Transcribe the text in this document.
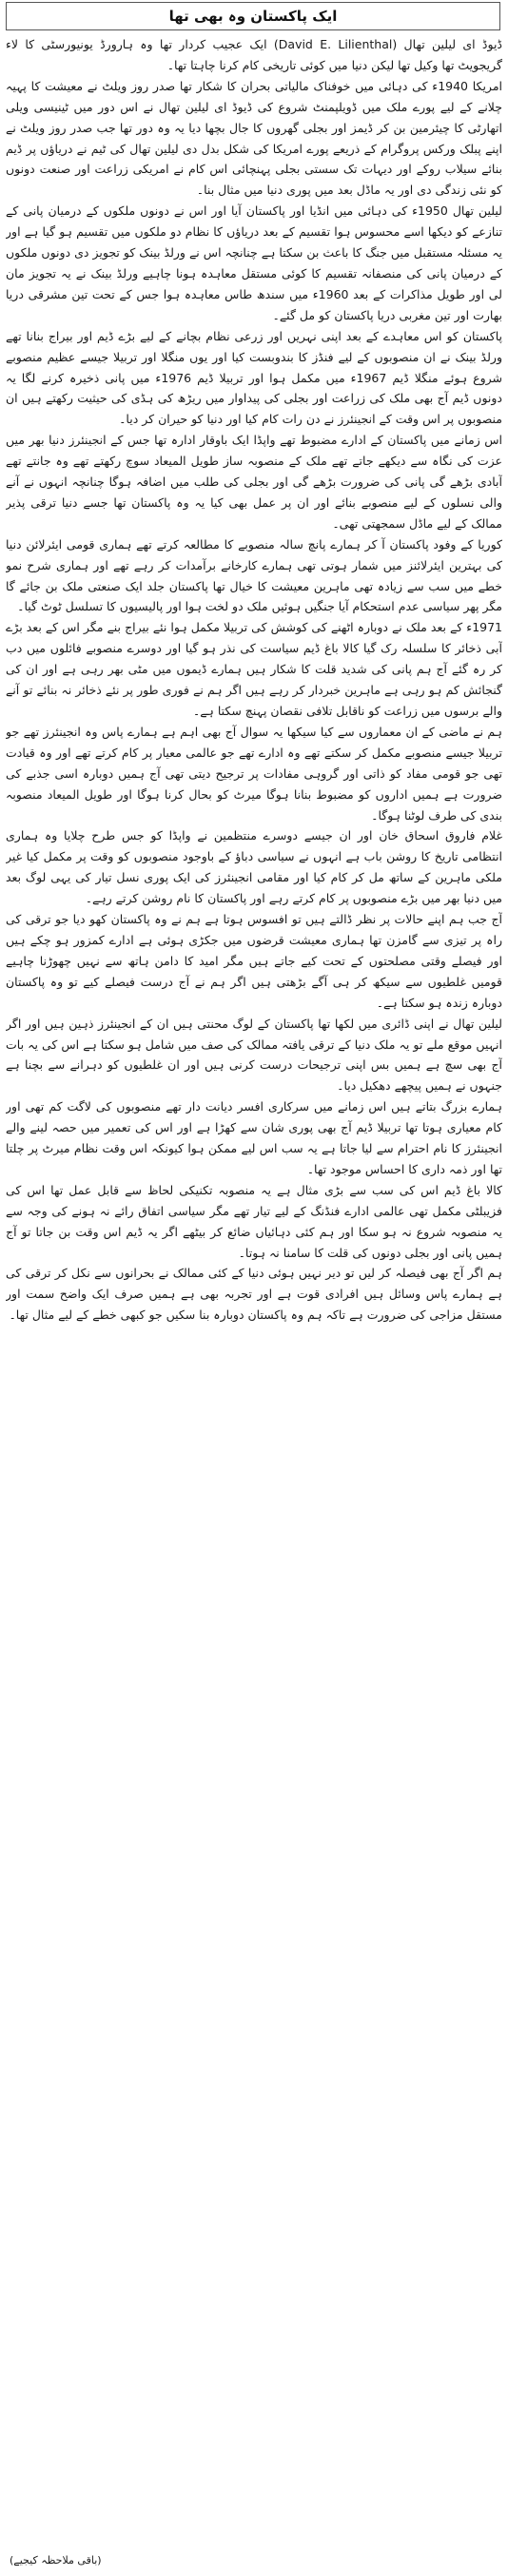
ایک پاکستان وہ بھی تھا

ڈیوڈ ای لیلین تھال (David E. Lilienthal) ایک عجیب کردار تھا وہ ہارورڈ یونیورسٹی کا لاء گریجویٹ تھا وکیل تھا لیکن دنیا میں کوئی تاریخی کام کرنا چاہتا تھا۔

امریکا 1940ء کی دہائی میں خوفناک مالیاتی بحران کا شکار تھا صدر روز ویلٹ نے معیشت کا پہیہ چلانے کے لیے پورے ملک میں ڈویلپمنٹ شروع کی ڈیوڈ ای لیلین تھال نے اس دور میں ٹینیسی ویلی اتھارٹی کا چیئرمین بن کر ڈیمز اور بجلی گھروں کا جال بچھا دیا یہ وہ دور تھا جب صدر روز ویلٹ نے اپنے پبلک ورکس پروگرام کے ذریعے پورے امریکا کی شکل بدل دی لیلین تھال کی ٹیم نے دریاؤں پر ڈیم بنائے سیلاب روکے اور دیہات تک سستی بجلی پہنچائی اس کام نے امریکی زراعت اور صنعت دونوں کو نئی زندگی دی اور یہ ماڈل بعد میں پوری دنیا میں مثال بنا۔

لیلین تھال 1950ء کی دہائی میں انڈیا اور پاکستان آیا اور اس نے دونوں ملکوں کے درمیان پانی کے تنازعے کو دیکھا اسے محسوس ہوا تقسیم کے بعد دریاؤں کا نظام دو ملکوں میں تقسیم ہو گیا ہے اور یہ مسئلہ مستقبل میں جنگ کا باعث بن سکتا ہے چنانچہ اس نے ورلڈ بینک کو تجویز دی دونوں ملکوں کے درمیان پانی کی منصفانہ تقسیم کا کوئی مستقل معاہدہ ہونا چاہیے ورلڈ بینک نے یہ تجویز مان لی اور طویل مذاکرات کے بعد 1960ء میں سندھ طاس معاہدہ ہوا جس کے تحت تین مشرقی دریا بھارت اور تین مغربی دریا پاکستان کو مل گئے۔

پاکستان کو اس معاہدے کے بعد اپنی نہریں اور زرعی نظام بچانے کے لیے بڑے ڈیم اور بیراج بنانا تھے ورلڈ بینک نے ان منصوبوں کے لیے فنڈز کا بندوبست کیا اور یوں منگلا اور تربیلا جیسے عظیم منصوبے شروع ہوئے منگلا ڈیم 1967ء میں مکمل ہوا اور تربیلا ڈیم 1976ء میں پانی ذخیرہ کرنے لگا یہ دونوں ڈیم آج بھی ملک کی زراعت اور بجلی کی پیداوار میں ریڑھ کی ہڈی کی حیثیت رکھتے ہیں ان منصوبوں پر اس وقت کے انجینئرز نے دن رات کام کیا اور دنیا کو حیران کر دیا۔

اس زمانے میں پاکستان کے ادارے مضبوط تھے واپڈا ایک باوقار ادارہ تھا جس کے انجینئرز دنیا بھر میں عزت کی نگاہ سے دیکھے جاتے تھے ملک کے منصوبہ ساز طویل المیعاد سوچ رکھتے تھے وہ جانتے تھے آبادی بڑھے گی پانی کی ضرورت بڑھے گی اور بجلی کی طلب میں اضافہ ہوگا چنانچہ انہوں نے آنے والی نسلوں کے لیے منصوبے بنائے اور ان پر عمل بھی کیا یہ وہ پاکستان تھا جسے دنیا ترقی پذیر ممالک کے لیے ماڈل سمجھتی تھی۔

کوریا کے وفود پاکستان آ کر ہمارے پانچ سالہ منصوبے کا مطالعہ کرتے تھے ہماری قومی ایئرلائن دنیا کی بہترین ایئرلائنز میں شمار ہوتی تھی ہمارے کارخانے برآمدات کر رہے تھے اور ہماری شرح نمو خطے میں سب سے زیادہ تھی ماہرین معیشت کا خیال تھا پاکستان جلد ایک صنعتی ملک بن جائے گا مگر پھر سیاسی عدم استحکام آیا جنگیں ہوئیں ملک دو لخت ہوا اور پالیسیوں کا تسلسل ٹوٹ گیا۔

1971ء کے بعد ملک نے دوبارہ اٹھنے کی کوشش کی تربیلا مکمل ہوا نئے بیراج بنے مگر اس کے بعد بڑے آبی ذخائر کا سلسلہ رک گیا کالا باغ ڈیم سیاست کی نذر ہو گیا اور دوسرے منصوبے فائلوں میں دب کر رہ گئے آج ہم پانی کی شدید قلت کا شکار ہیں ہمارے ڈیموں میں مٹی بھر رہی ہے اور ان کی گنجائش کم ہو رہی ہے ماہرین خبردار کر رہے ہیں اگر ہم نے فوری طور پر نئے ذخائر نہ بنائے تو آنے والے برسوں میں زراعت کو ناقابل تلافی نقصان پہنچ سکتا ہے۔

ہم نے ماضی کے ان معماروں سے کیا سیکھا یہ سوال آج بھی اہم ہے ہمارے پاس وہ انجینئرز تھے جو تربیلا جیسے منصوبے مکمل کر سکتے تھے وہ ادارے تھے جو عالمی معیار پر کام کرتے تھے اور وہ قیادت تھی جو قومی مفاد کو ذاتی اور گروہی مفادات پر ترجیح دیتی تھی آج ہمیں دوبارہ اسی جذبے کی ضرورت ہے ہمیں اداروں کو مضبوط بنانا ہوگا میرٹ کو بحال کرنا ہوگا اور طویل المیعاد منصوبہ بندی کی طرف لوٹنا ہوگا۔

غلام فاروق اسحاق خان اور ان جیسے دوسرے منتظمین نے واپڈا کو جس طرح چلایا وہ ہماری انتظامی تاریخ کا روشن باب ہے انہوں نے سیاسی دباؤ کے باوجود منصوبوں کو وقت پر مکمل کیا غیر ملکی ماہرین کے ساتھ مل کر کام کیا اور مقامی انجینئرز کی ایک پوری نسل تیار کی یہی لوگ بعد میں دنیا بھر میں بڑے منصوبوں پر کام کرتے رہے اور پاکستان کا نام روشن کرتے رہے۔

آج جب ہم اپنے حالات پر نظر ڈالتے ہیں تو افسوس ہوتا ہے ہم نے وہ پاکستان کھو دیا جو ترقی کی راہ پر تیزی سے گامزن تھا ہماری معیشت قرضوں میں جکڑی ہوئی ہے ادارے کمزور ہو چکے ہیں اور فیصلے وقتی مصلحتوں کے تحت کیے جاتے ہیں مگر امید کا دامن ہاتھ سے نہیں چھوڑنا چاہیے قومیں غلطیوں سے سیکھ کر ہی آگے بڑھتی ہیں اگر ہم نے آج درست فیصلے کیے تو وہ پاکستان دوبارہ زندہ ہو سکتا ہے۔

لیلین تھال نے اپنی ڈائری میں لکھا تھا پاکستان کے لوگ محنتی ہیں ان کے انجینئرز ذہین ہیں اور اگر انہیں موقع ملے تو یہ ملک دنیا کے ترقی یافتہ ممالک کی صف میں شامل ہو سکتا ہے اس کی یہ بات آج بھی سچ ہے ہمیں بس اپنی ترجیحات درست کرنی ہیں اور ان غلطیوں کو دہرانے سے بچنا ہے جنہوں نے ہمیں پیچھے دھکیل دیا۔

ہمارے بزرگ بتاتے ہیں اس زمانے میں سرکاری افسر دیانت دار تھے منصوبوں کی لاگت کم تھی اور کام معیاری ہوتا تھا تربیلا ڈیم آج بھی پوری شان سے کھڑا ہے اور اس کی تعمیر میں حصہ لینے والے انجینئرز کا نام احترام سے لیا جاتا ہے یہ سب اس لیے ممکن ہوا کیونکہ اس وقت نظام میرٹ پر چلتا تھا اور ذمہ داری کا احساس موجود تھا۔

کالا باغ ڈیم اس کی سب سے بڑی مثال ہے یہ منصوبہ تکنیکی لحاظ سے قابل عمل تھا اس کی فزیبلٹی مکمل تھی عالمی ادارے فنڈنگ کے لیے تیار تھے مگر سیاسی اتفاق رائے نہ ہونے کی وجہ سے یہ منصوبہ شروع نہ ہو سکا اور ہم کئی دہائیاں ضائع کر بیٹھے اگر یہ ڈیم اس وقت بن جاتا تو آج ہمیں پانی اور بجلی دونوں کی قلت کا سامنا نہ ہوتا۔

ہم اگر آج بھی فیصلہ کر لیں تو دیر نہیں ہوئی دنیا کے کئی ممالک نے بحرانوں سے نکل کر ترقی کی ہے ہمارے پاس وسائل ہیں افرادی قوت ہے اور تجربہ بھی ہے ہمیں صرف ایک واضح سمت اور مستقل مزاجی کی ضرورت ہے تاکہ ہم وہ پاکستان دوبارہ بنا سکیں جو کبھی خطے کے لیے مثال تھا۔

(باقی ملاحظہ کیجیے)
